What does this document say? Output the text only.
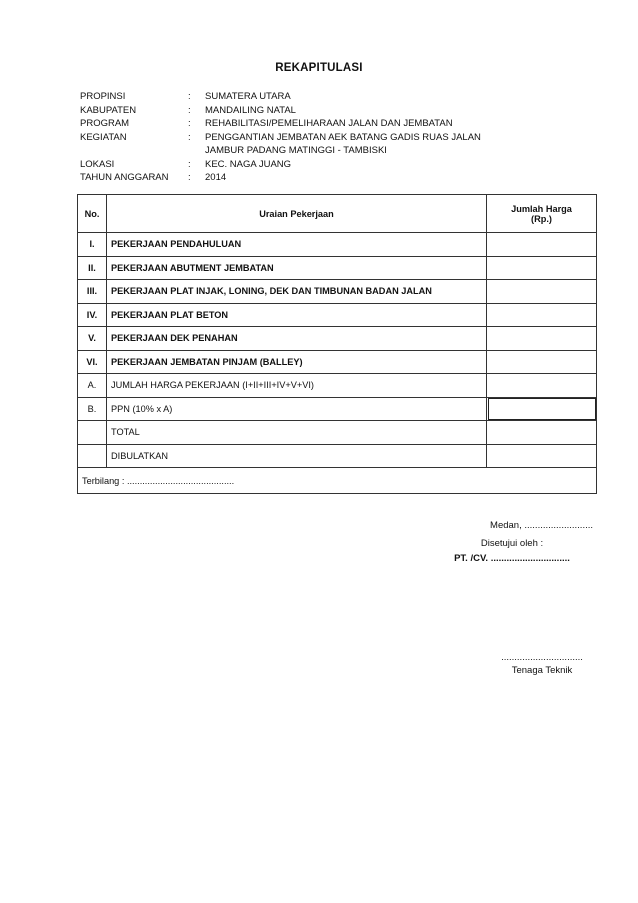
REKAPITULASI
PROPINSI	:	SUMATERA UTARA
KABUPATEN	:	MANDAILING NATAL
PROGRAM	:	REHABILITASI/PEMELIHARAAN JALAN DAN JEMBATAN
KEGIATAN	:	PENGGANTIAN JEMBATAN AEK BATANG GADIS RUAS JALAN
JAMBUR PADANG MATINGGI - TAMBISKI
LOKASI	:	KEC. NAGA JUANG
TAHUN ANGGARAN	:	2014
No.	Uraian Pekerjaan	Jumlah Harga
(Rp.)

I.	PEKERJAAN PENDAHULUAN	
II.	PEKERJAAN ABUTMENT JEMBATAN	
III.	PEKERJAAN PLAT INJAK, LONING, DEK DAN TIMBUNAN BADAN JALAN	
IV.	PEKERJAAN PLAT BETON	
V.	PEKERJAAN DEK PENAHAN	
VI.	PEKERJAAN JEMBATAN PINJAM (BALLEY)	
A.	JUMLAH HARGA PEKERJAAN (I+II+III+IV+V+VI)	
B.	PPN (10% x A)	
	TOTAL	
	DIBULATKAN	
Terbilang : ..........................................		
Medan, ..........................
Disetujui oleh :
PT. /CV. ..............................
...............................
Tenaga Teknik
